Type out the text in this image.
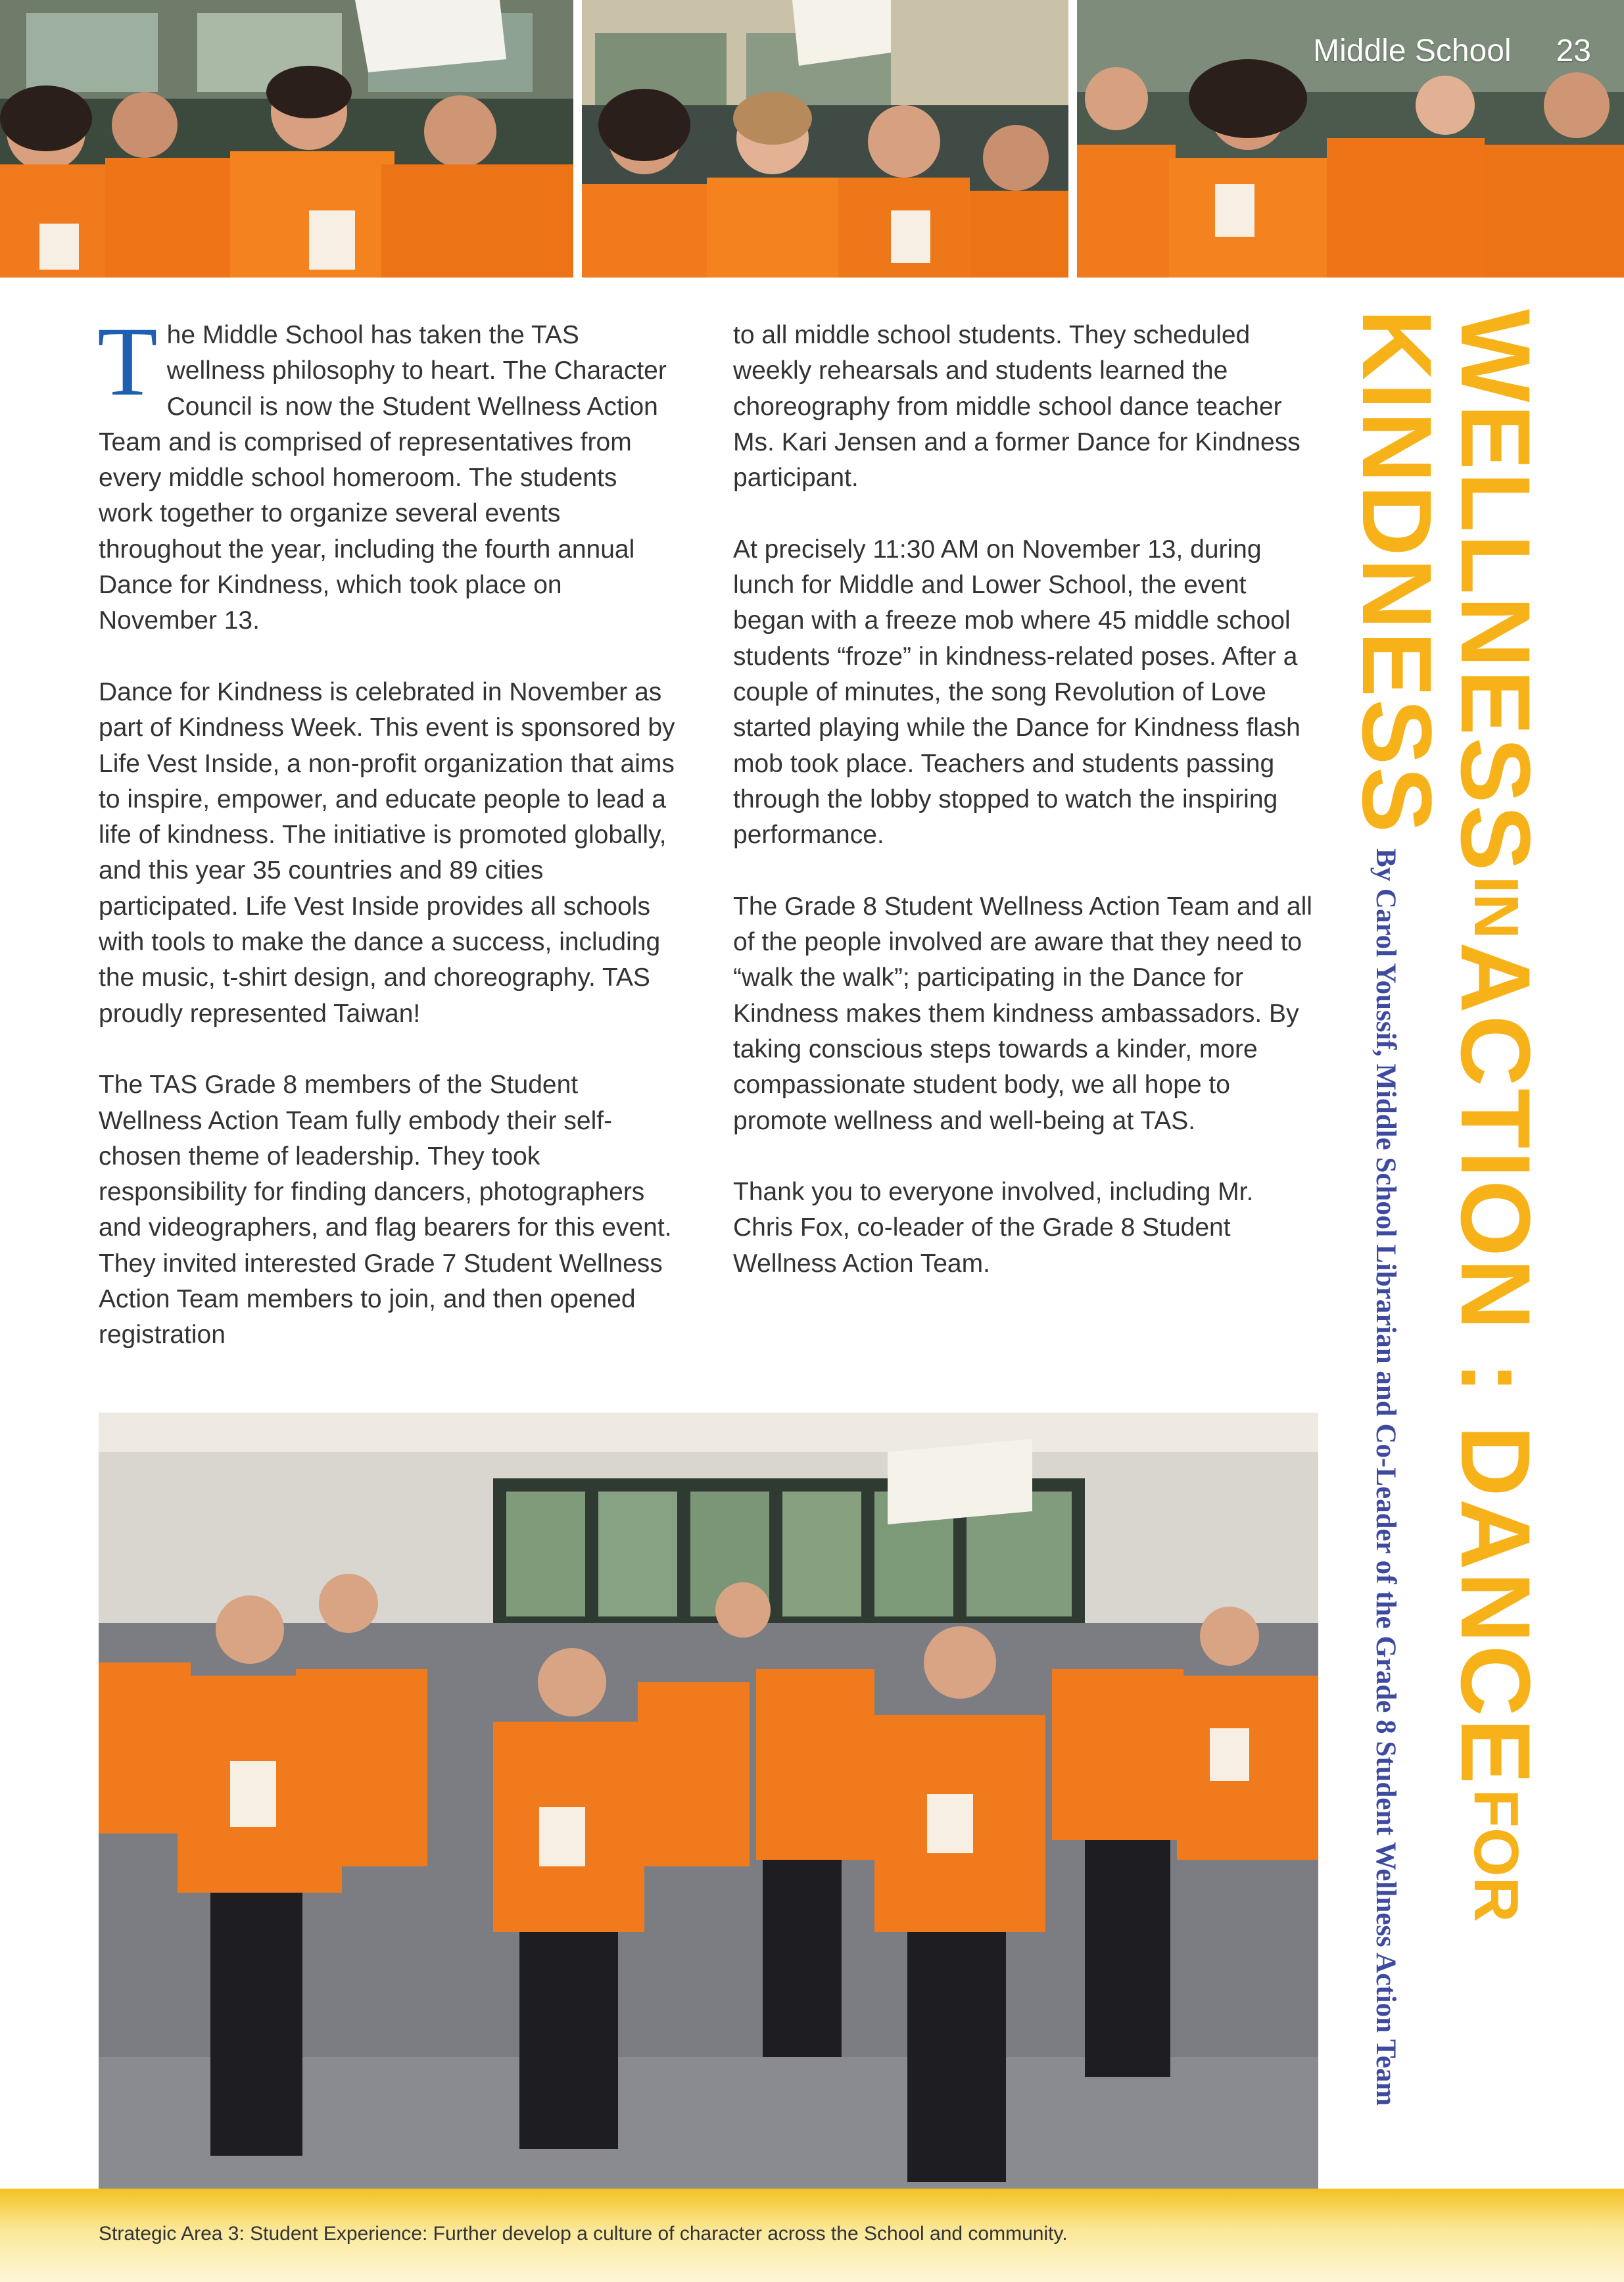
Middle School 23

The Middle School has taken the TAS wellness philosophy to heart. The Character Council is now the Student Wellness Action Team and is comprised of representatives from every middle school homeroom. The students work together to organize several events throughout the year, including the fourth annual Dance for Kindness, which took place on November 13.

Dance for Kindness is celebrated in November as part of Kindness Week. This event is sponsored by Life Vest Inside, a non-profit organization that aims to inspire, empower, and educate people to lead a life of kindness. The initiative is promoted globally, and this year 35 countries and 89 cities participated. Life Vest Inside provides all schools with tools to make the dance a success, including the music, t-shirt design, and choreography. TAS proudly represented Taiwan!

The TAS Grade 8 members of the Student Wellness Action Team fully embody their self-chosen theme of leadership. They took responsibility for finding dancers, photographers and videographers, and flag bearers for this event. They invited interested Grade 7 Student Wellness Action Team members to join, and then opened registration

to all middle school students. They scheduled weekly rehearsals and students learned the choreography from middle school dance teacher Ms. Kari Jensen and a former Dance for Kindness participant.

At precisely 11:30 AM on November 13, during lunch for Middle and Lower School, the event began with a freeze mob where 45 middle school students “froze” in kindness-related poses. After a couple of minutes, the song Revolution of Love started playing while the Dance for Kindness flash mob took place. Teachers and students passing through the lobby stopped to watch the inspiring performance.

The Grade 8 Student Wellness Action Team and all of the people involved are aware that they need to “walk the walk”; participating in the Dance for Kindness makes them kindness ambassadors. By taking conscious steps towards a kinder, more compassionate student body, we all hope to promote wellness and well-being at TAS.

Thank you to everyone involved, including Mr. Chris Fox, co-leader of the Grade 8 Student Wellness Action Team.

WELLNESS IN ACTION : DANCE FOR
KINDNESS
By Carol Youssif, Middle School Librarian and Co-Leader of the Grade 8 Student Wellness Action Team
Strategic Area 3: Student Experience: Further develop a culture of character across the School and community.
